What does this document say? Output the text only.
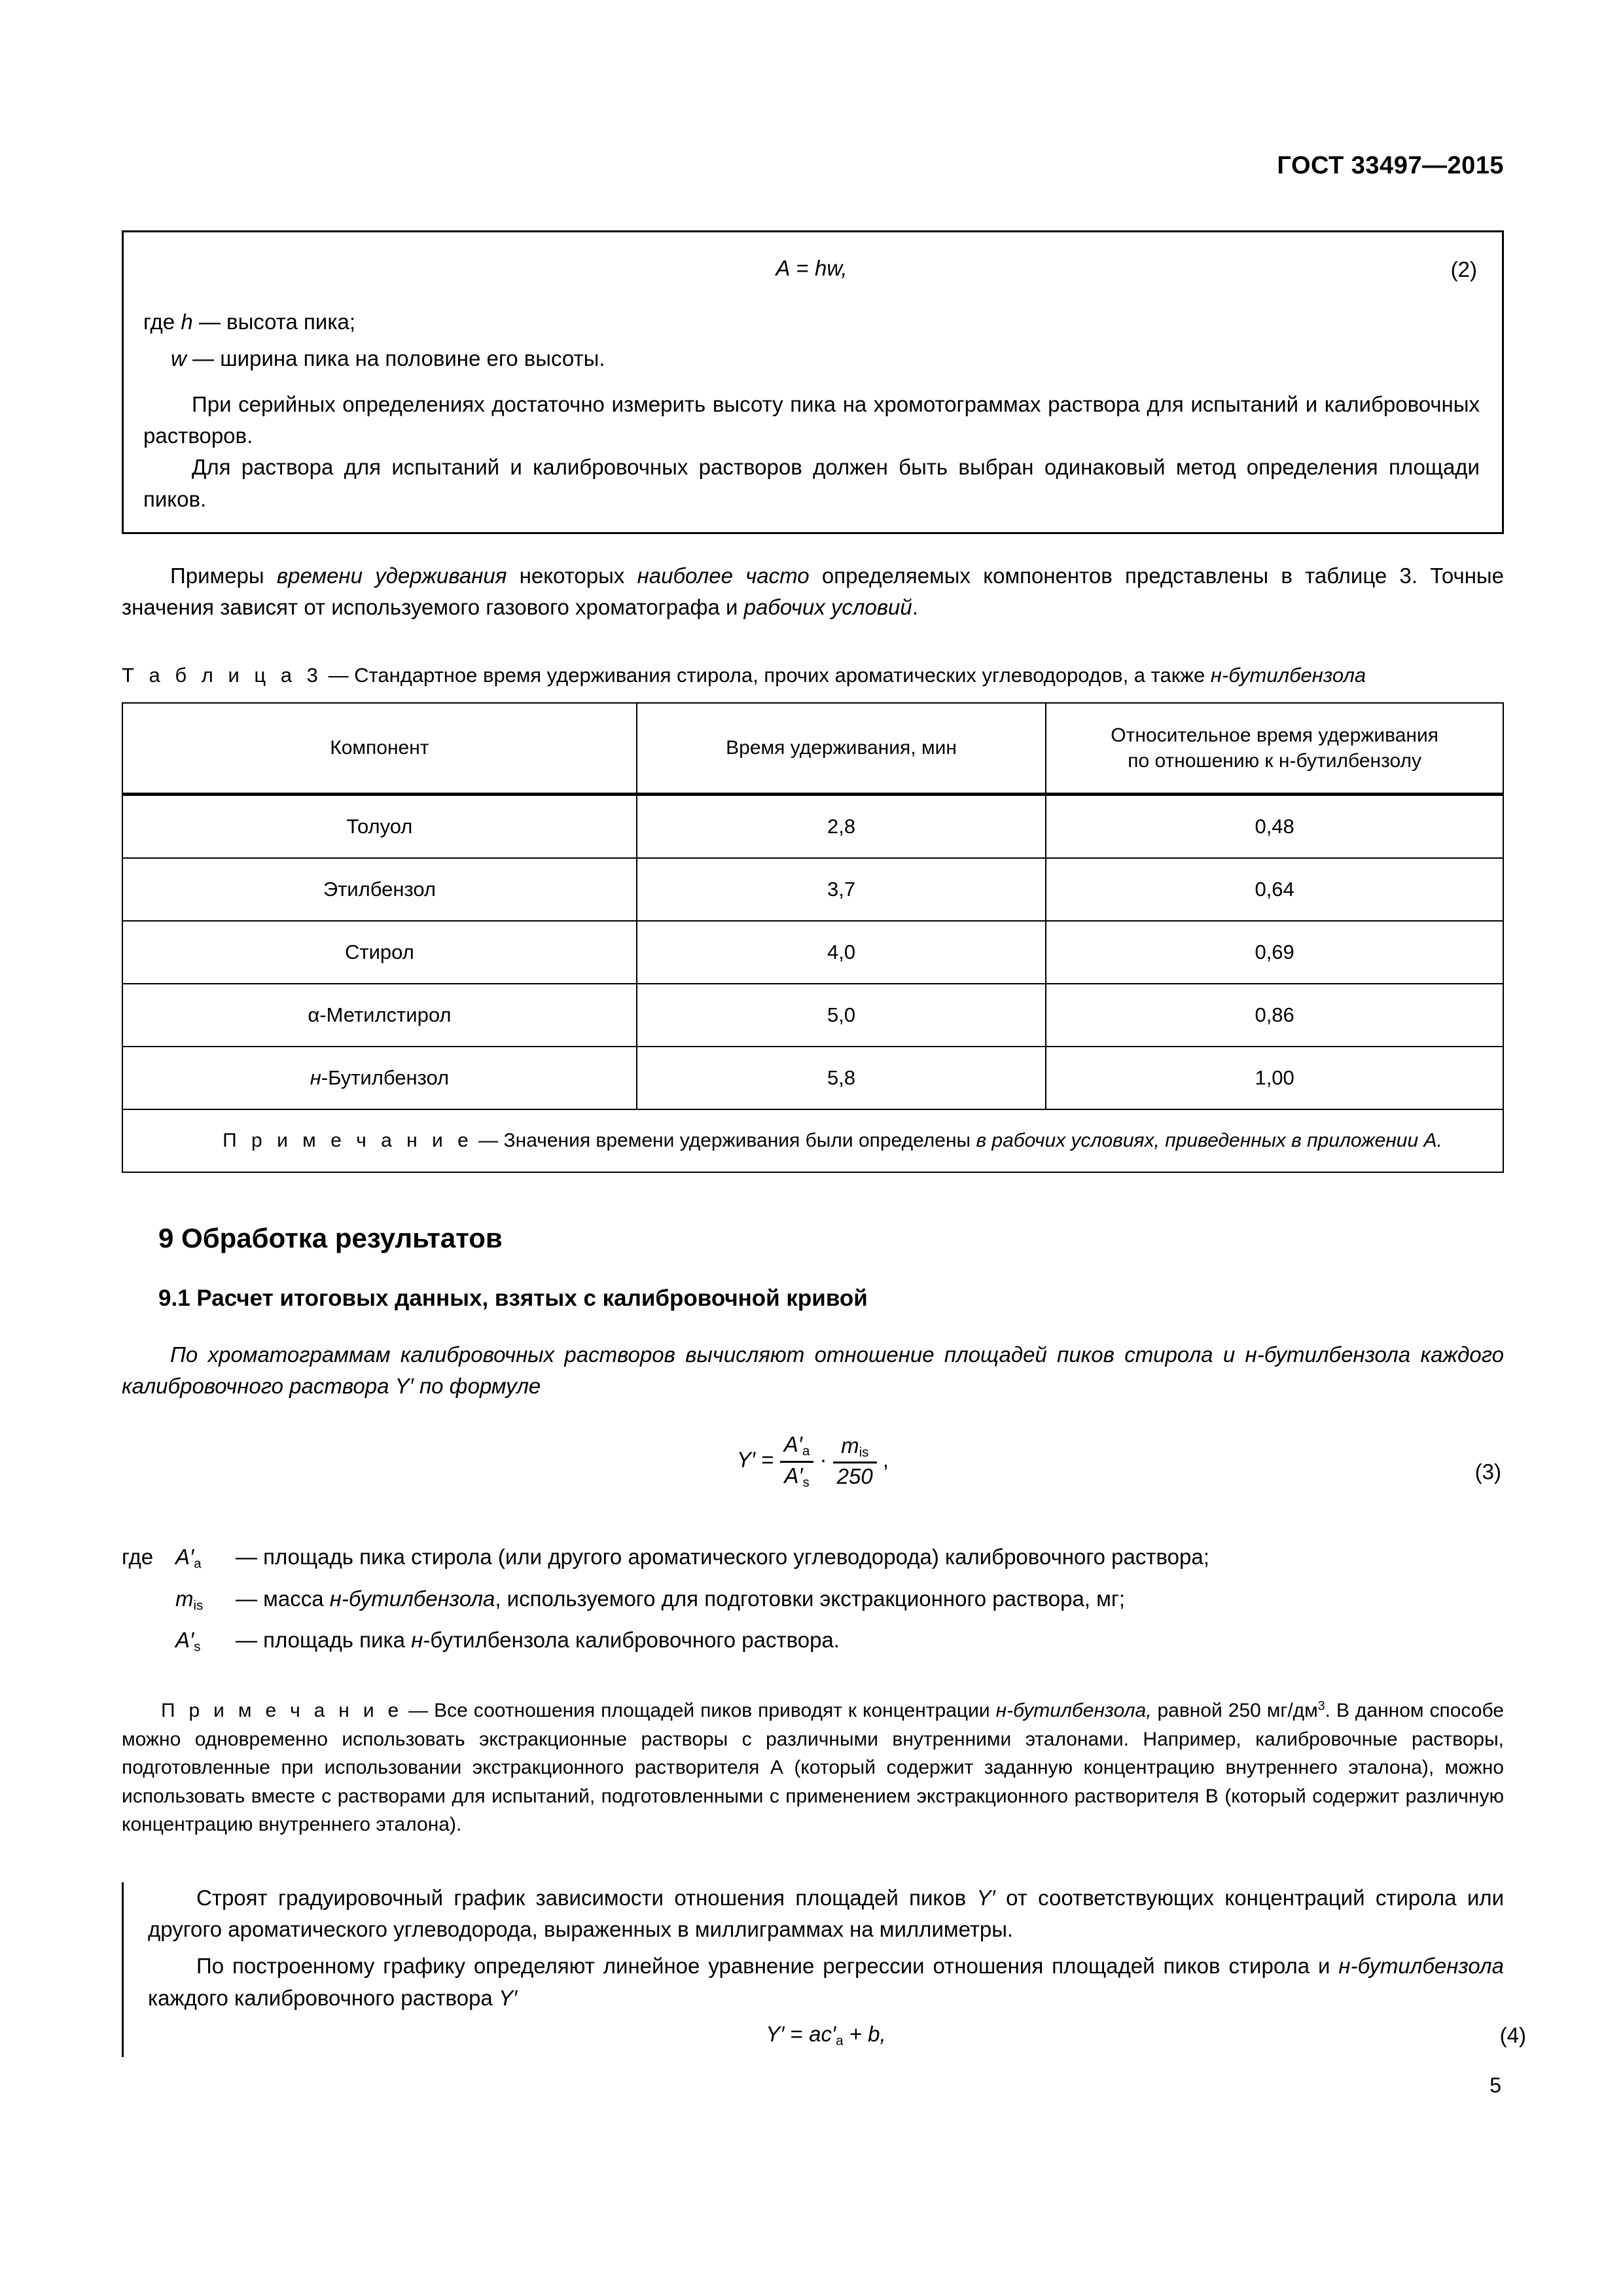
ГОСТ 33497—2015
A = hw,	(2)
где h — высота пика;
w — ширина пика на половине его высоты.

При серийных определениях достаточно измерить высоту пика на хромотограммах раствора для испытаний и калибровочных растворов.

Для раствора для испытаний и калибровочных растворов должен быть выбран одинаковый метод определения площади пиков.

Примеры времени удерживания некоторых наиболее часто определяемых компонентов представлены в таблице 3. Точные значения зависят от используемого газового хроматографа и рабочих условий.

Т а б л и ц а 3 — Стандартное время удерживания стирола, прочих ароматических углеводородов, а также н-бутилбензола
Компонент	Время удерживания, мин	Относительное время удерживания
по отношению к н-бутилбензолу
Толуол	2,8	0,48
Этилбензол	3,7	0,64
Стирол	4,0	0,69
α-Метилстирол	5,0	0,86
н-Бутилбензол	5,8	1,00
П р и м е ч а н и е — Значения времени удерживания были определены в рабочих условиях, приведенных в приложении А.		
9 Обработка результатов
9.1 Расчет итоговых данных, взятых с калибровочной кривой

По хроматограммам калибровочных растворов вычисляют отношение площадей пиков стирола и н-бутилбензола каждого калибровочного раствора Y′ по формуле

$Y' = \frac{A'_a}{A'_s} \cdot \frac{m_{is}}{250}$ ,
(3)
где	$A'_a$	— площадь пика стирола (или другого ароматического углеводорода) калибровочного раствора;
$m_{is}$	— масса н-бутилбензола, используемого для подготовки экстракционного раствора, мг;
$A'_s$	— площадь пика н-бутилбензола калибровочного раствора.

П р и м е ч а н и е — Все соотношения площадей пиков приводят к концентрации н-бутилбензола, равной 250 $мг/дм^3$. В данном способе можно одновременно использовать экстракционные растворы с различными внутренними эталонами. Например, калибровочные растворы, подготовленные при использовании экстракционного растворителя А (который содержит заданную концентрацию внутреннего эталона), можно использовать вместе с растворами для испытаний, подготовленными с применением экстракционного растворителя В (который содержит различную концентрацию внутреннего эталона).

Строят градуировочный график зависимости отношения площадей пиков Y′ от соответствующих концентраций стирола или другого ароматического углеводорода, выраженных в миллиграммах на миллиметры.

По построенному графику определяют линейное уравнение регрессии отношения площадей пиков стирола и н-бутилбензола каждого калибровочного раствора Y′

$Y' = ac'_a + b$,	(4)
5
